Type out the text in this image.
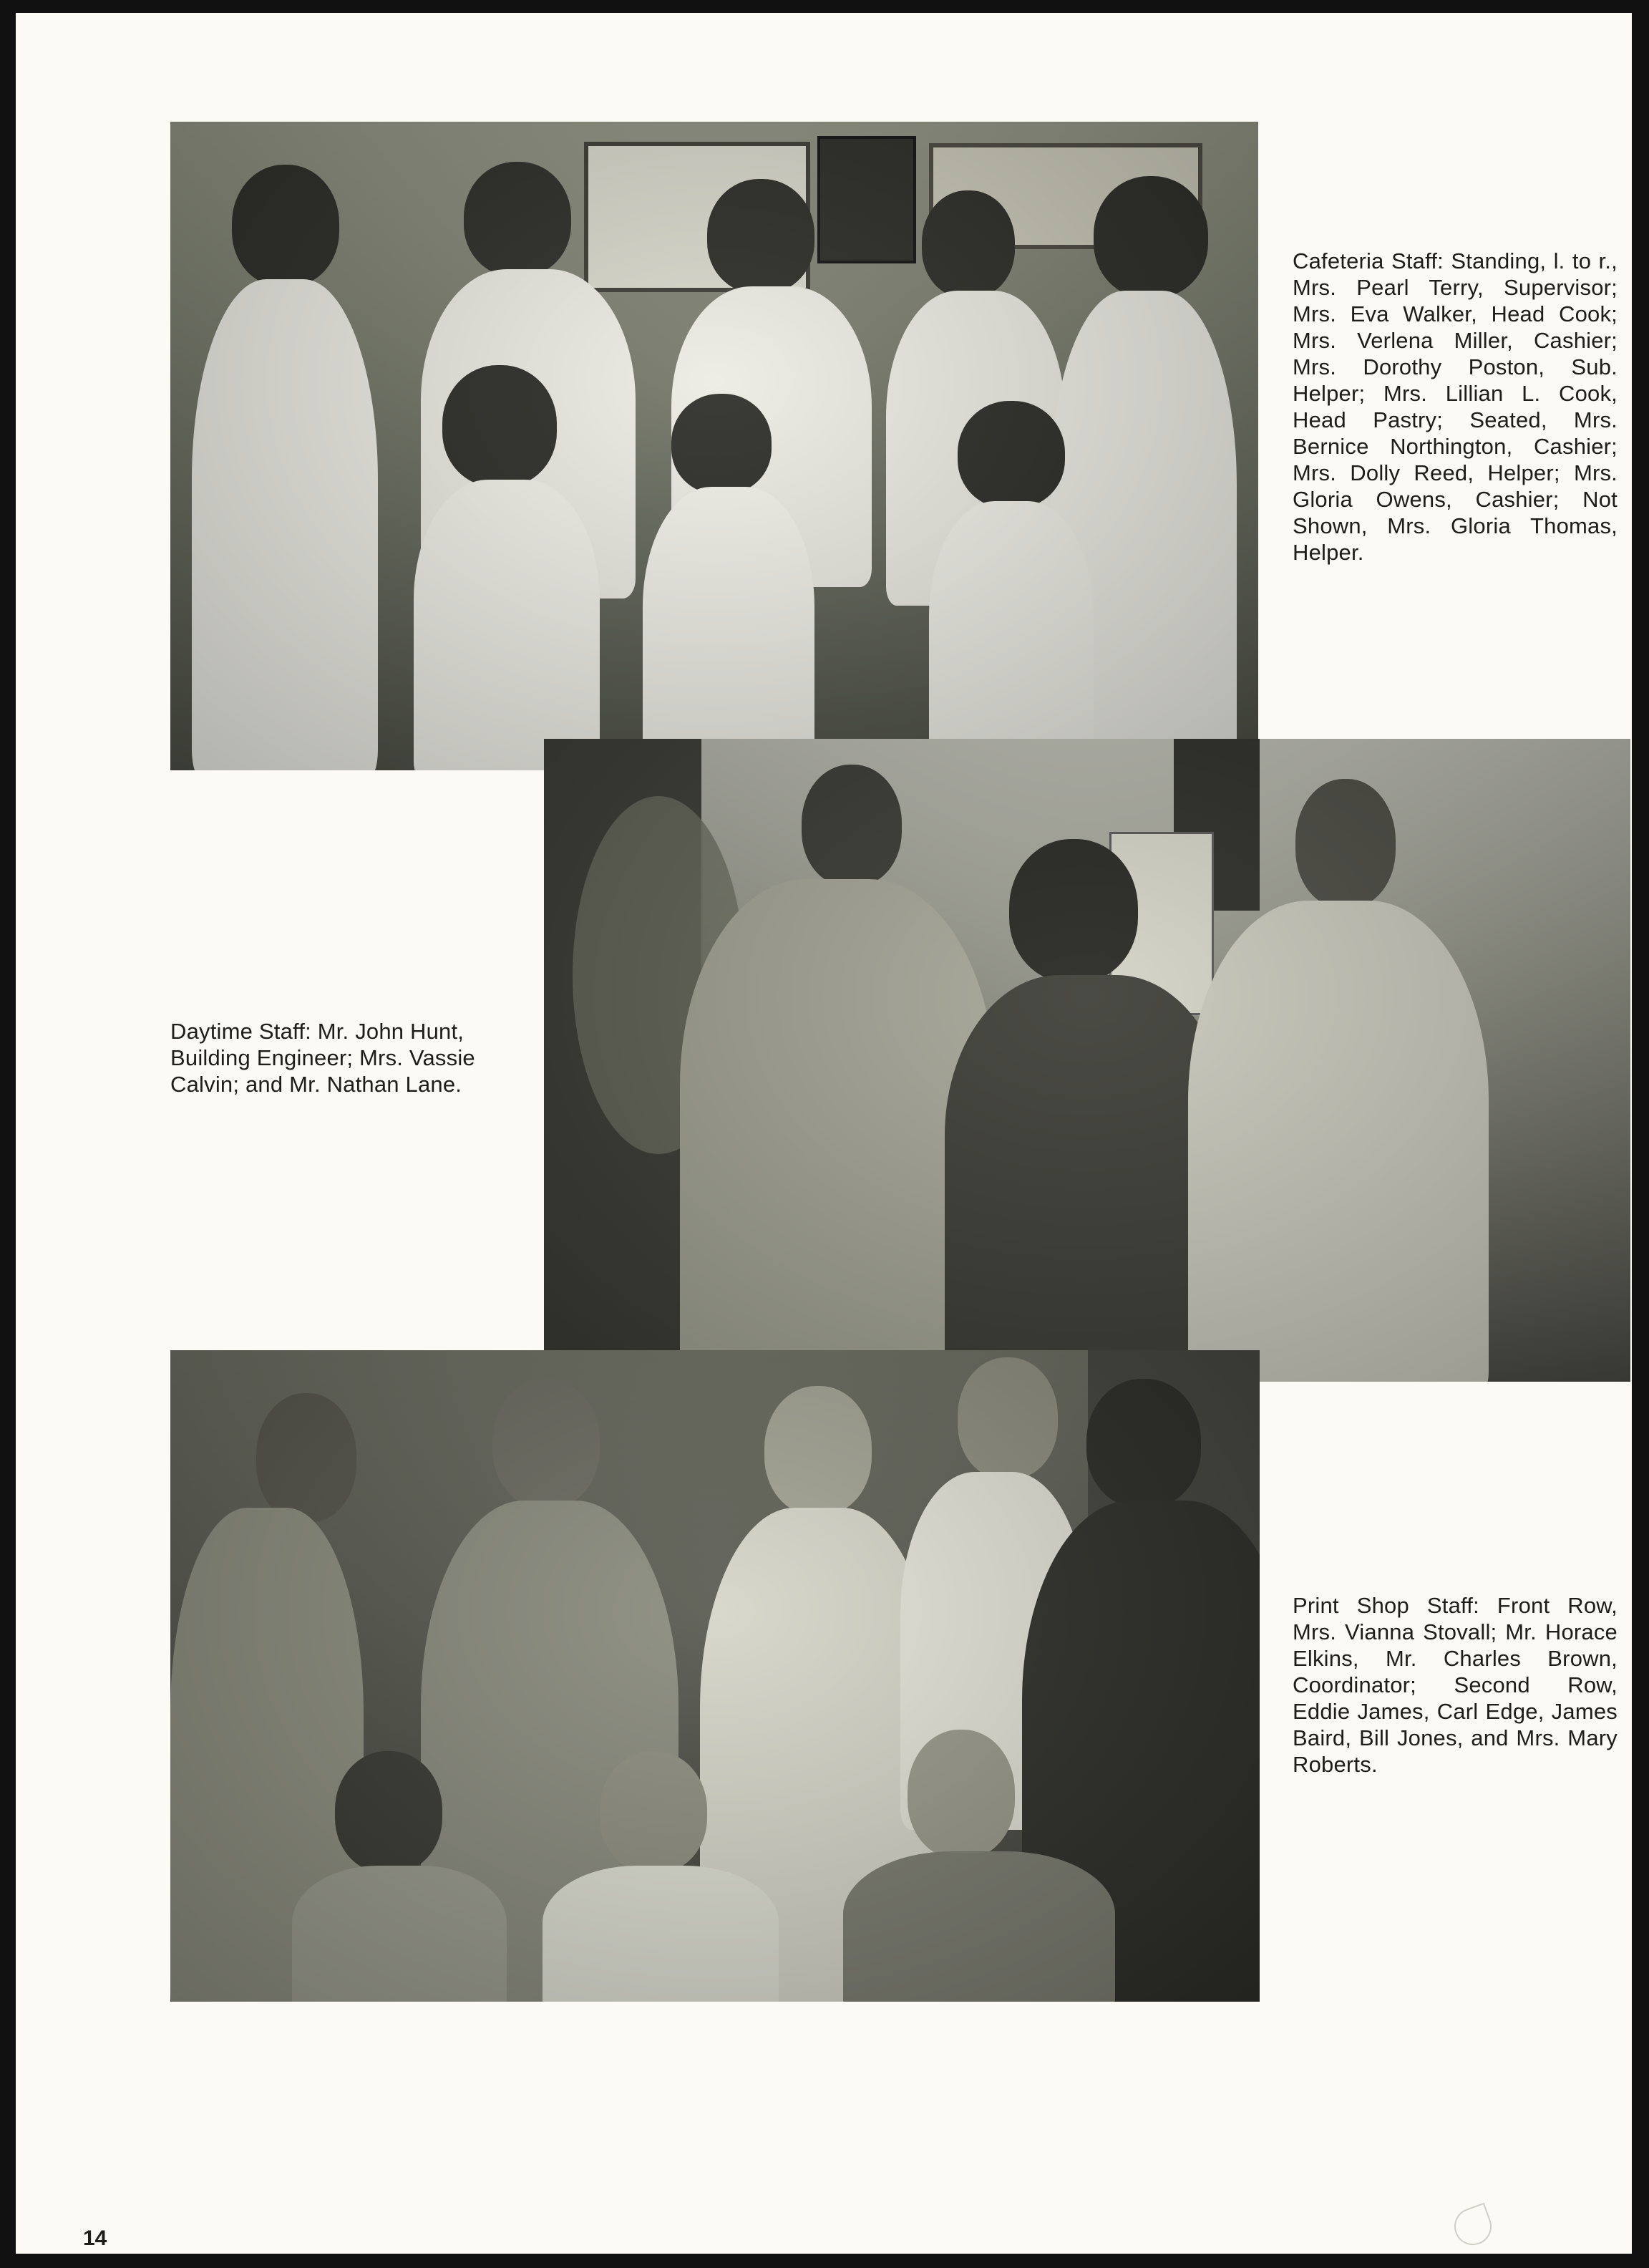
Cafeteria Staff: Standing, l. to r., Mrs. Pearl Terry, Supervisor; Mrs. Eva Walker, Head Cook; Mrs. Verlena Miller, Cashier; Mrs. Dorothy Poston, Sub. Helper; Mrs. Lillian L. Cook, Head Pastry; Seated, Mrs. Bernice Northington, Cashier; Mrs. Dolly Reed, Helper; Mrs. Gloria Owens, Cashier; Not Shown, Mrs. Gloria Thomas, Helper.
Daytime Staff: Mr. John Hunt, Building Engineer; Mrs. Vassie Calvin; and Mr. Nathan Lane.
Print Shop Staff: Front Row, Mrs. Vianna Stovall; Mr. Horace Elkins, Mr. Charles Brown, Coordinator; Second Row, Eddie James, Carl Edge, James Baird, Bill Jones, and Mrs. Mary Roberts.
14
